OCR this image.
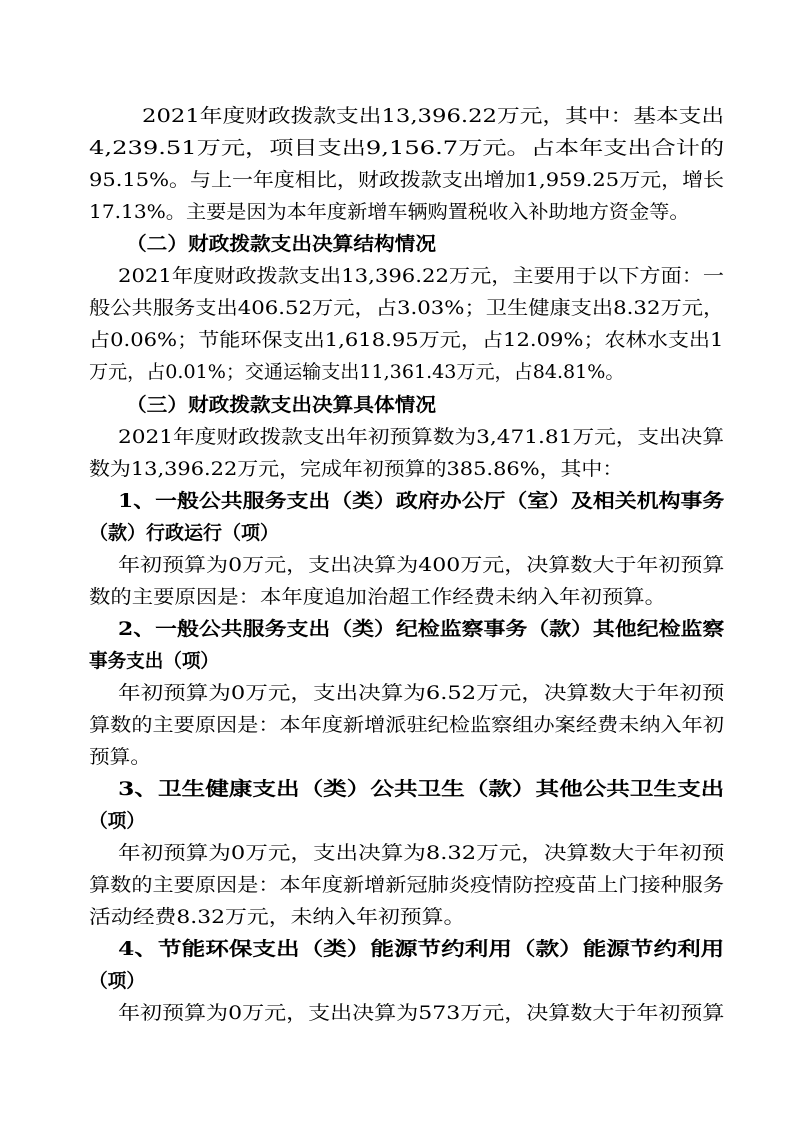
2021年度财政拨款支出13,396.22万元，其中：基本支出
4,239.51万元，项目支出9,156.7万元。占本年支出合计的
95.15%。与上一年度相比，财政拨款支出增加1,959.25万元，增长
17.13%。主要是因为本年度新增车辆购置税收入补助地方资金等。
（二）财政拨款支出决算结构情况
2021年度财政拨款支出13,396.22万元，主要用于以下方面：一
般公共服务支出406.52万元，占3.03%；卫生健康支出8.32万元，
占0.06%；节能环保支出1,618.95万元，占12.09%；农林水支出1
万元，占0.01%；交通运输支出11,361.43万元，占84.81%。
（三）财政拨款支出决算具体情况
2021年度财政拨款支出年初预算数为3,471.81万元，支出决算
数为13,396.22万元，完成年初预算的385.86%，其中：
1、一般公共服务支出（类）政府办公厅（室）及相关机构事务
（款）行政运行（项）
年初预算为0万元，支出决算为400万元，决算数大于年初预算
数的主要原因是：本年度追加治超工作经费未纳入年初预算。
2、一般公共服务支出（类）纪检监察事务（款）其他纪检监察
事务支出（项）
年初预算为0万元，支出决算为6.52万元，决算数大于年初预
算数的主要原因是：本年度新增派驻纪检监察组办案经费未纳入年初
预算。
3、卫生健康支出（类）公共卫生（款）其他公共卫生支出
（项）
年初预算为0万元，支出决算为8.32万元，决算数大于年初预
算数的主要原因是：本年度新增新冠肺炎疫情防控疫苗上门接种服务
活动经费8.32万元，未纳入年初预算。
4、节能环保支出（类）能源节约利用（款）能源节约利用
（项）
年初预算为0万元，支出决算为573万元，决算数大于年初预算
